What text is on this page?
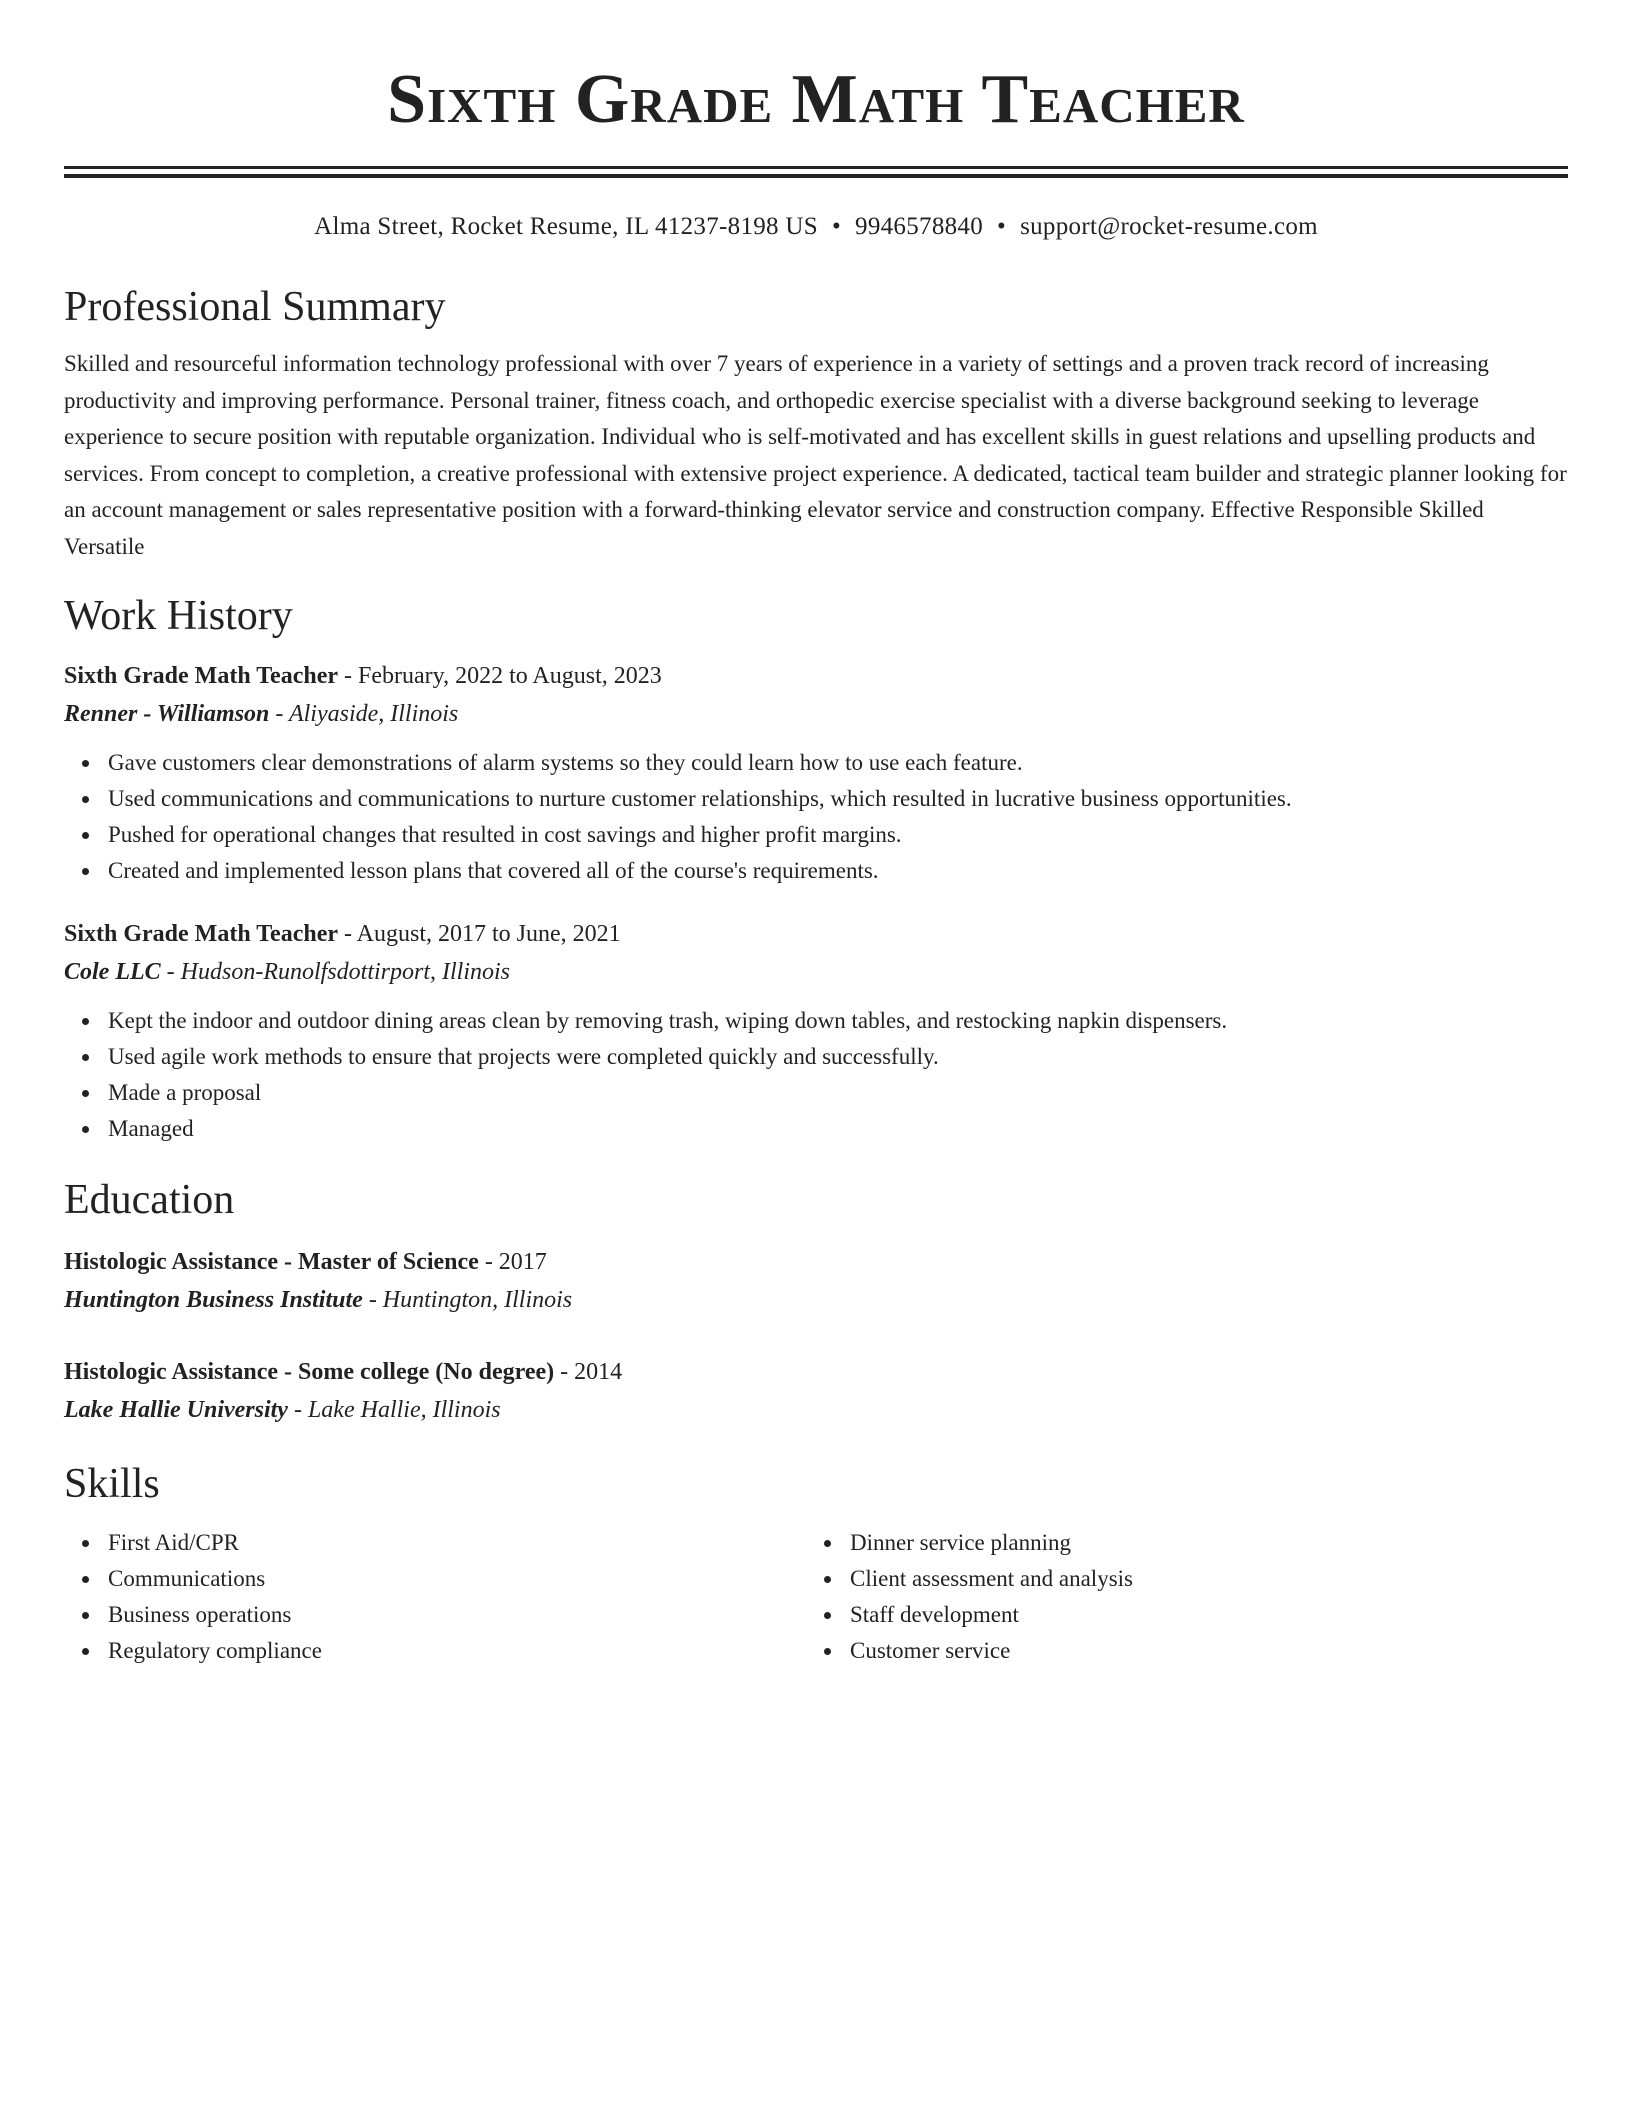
Sixth Grade Math Teacher
Alma Street, Rocket Resume, IL 41237-8198 US • 9946578840 • support@rocket-resume.com
Professional Summary
Skilled and resourceful information technology professional with over 7 years of experience in a variety of settings and a proven track record of increasing productivity and improving performance. Personal trainer, fitness coach, and orthopedic exercise specialist with a diverse background seeking to leverage experience to secure position with reputable organization. Individual who is self-motivated and has excellent skills in guest relations and upselling products and services. From concept to completion, a creative professional with extensive project experience. A dedicated, tactical team builder and strategic planner looking for an account management or sales representative position with a forward-thinking elevator service and construction company. Effective Responsible Skilled Versatile
Work History
Sixth Grade Math Teacher - February, 2022 to August, 2023
Renner - Williamson - Aliyaside, Illinois
Gave customers clear demonstrations of alarm systems so they could learn how to use each feature.
Used communications and communications to nurture customer relationships, which resulted in lucrative business opportunities.
Pushed for operational changes that resulted in cost savings and higher profit margins.
Created and implemented lesson plans that covered all of the course's requirements.
Sixth Grade Math Teacher - August, 2017 to June, 2021
Cole LLC - Hudson-Runolfsdottirport, Illinois
Kept the indoor and outdoor dining areas clean by removing trash, wiping down tables, and restocking napkin dispensers.
Used agile work methods to ensure that projects were completed quickly and successfully.
Made a proposal
Managed
Education
Histologic Assistance - Master of Science - 2017
Huntington Business Institute - Huntington, Illinois
Histologic Assistance - Some college (No degree) - 2014
Lake Hallie University - Lake Hallie, Illinois
Skills
First Aid/CPR
Communications
Business operations
Regulatory compliance
Dinner service planning
Client assessment and analysis
Staff development
Customer service
